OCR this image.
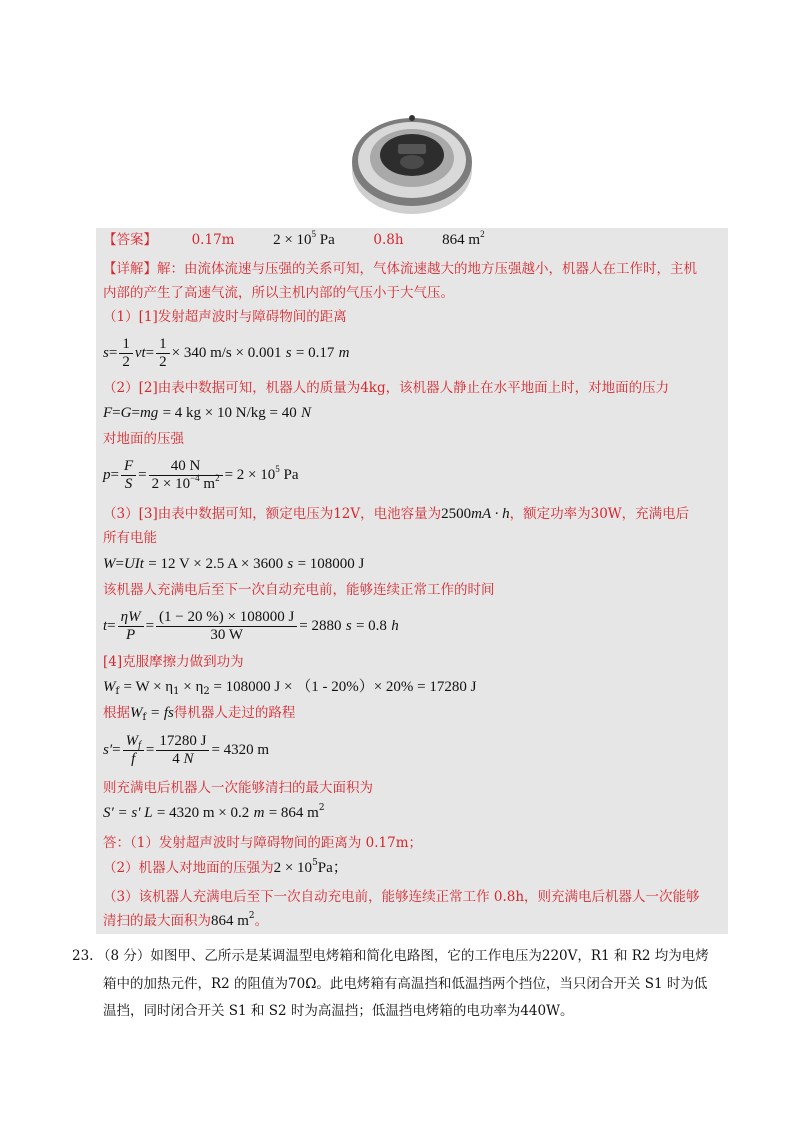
【答案】	0.17m	$2 \times 10^5$ Pa	0.8h	864 $m^2$
【详解】解：由流体流速与压强的关系可知，气体流速越大的地方压强越小，机器人在工作时，主机
内部的产生了高速气流，所以主机内部的气压小于大气压。
（1）[1]发射超声波时与障碍物间的距离
$s= \frac{1}{2} vt= \frac{1}{2} \times 340$ m/s × 0.001 s = 0.17 m
（2）[2]由表中数据可知，机器人的质量为4kg，该机器人静止在水平地面上时，对地面的压力
F=G=mg = 4 kg × 10 N/kg = 40 N
对地面的压强
$p= \frac{F}{S} = \frac{40 N}{2 \times 10^{-4} m^2} = 2 \times 10^5$ Pa
（3）[3]由表中数据可知，额定电压为12V，电池容量为2500mA · h，额定功率为30W，充满电后
所有电能
W=UIt = 12 V × 2.5 A × 3600 s = 108000 J
该机器人充满电后至下一次自动充电前，能够连续正常工作的时间
$t= \frac{\eta W}{P} = \frac{(1 - 20 \%) \times 108000 J}{30 W} = 2880$ s = 0.8 h
[4]克服摩擦力做到功为
$W_f = W \times \eta_1 \times \eta_2 = 108000$ J × （1 - 20%）× 20% = 17280 J
根据$W_f$ = fs得机器人走过的路程
$s'= \frac{W_f}{f} = \frac{17280 J}{4 N} = 4320$ m
则充满电后机器人一次能够清扫的最大面积为
S′ = s′ L = 4320 m × 0.2 m = 864 $m^2$
答：（1）发射超声波时与障碍物间的距离为 0.17m；
（2）机器人对地面的压强为$2 \times 10^5Pa$；
（3）该机器人充满电后至下一次自动充电前，能够连续正常工作 0.8h，则充满电后机器人一次能够
清扫的最大面积为864 $m^2$。
23. （8 分）如图甲、乙所示是某调温型电烤箱和简化电路图，它的工作电压为220V，R1 和 R2 均为电烤
箱中的加热元件，R2 的阻值为70Ω。此电烤箱有高温挡和低温挡两个挡位，当只闭合开关 S1 时为低
温挡，同时闭合开关 S1 和 S2 时为高温挡；低温挡电烤箱的电功率为440W。
